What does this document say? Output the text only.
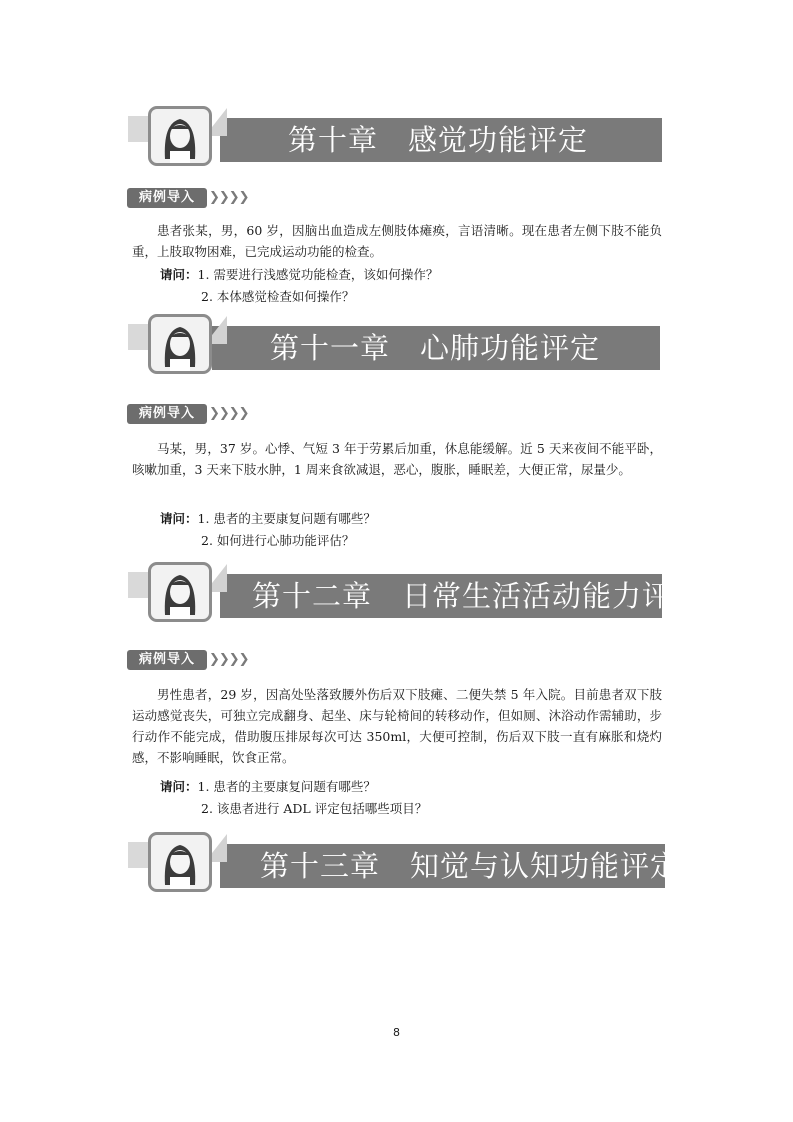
第十章 感觉功能评定
病例导入	❯❯❯❯
患者张某，男，60 岁，因脑出血造成左侧肢体瘫痪，言语清晰。现在患者左侧下肢不能负重，上肢取物困难，已完成运动功能的检查。
请问：1. 需要进行浅感觉功能检查，该如何操作？
2. 本体感觉检查如何操作？
第十一章 心肺功能评定
病例导入	❯❯❯❯
马某，男，37 岁。心悸、气短 3 年于劳累后加重，休息能缓解。近 5 天来夜间不能平卧，咳嗽加重，3 天来下肢水肿，1 周来食欲减退，恶心，腹胀，睡眠差，大便正常，尿量少。
请问：1. 患者的主要康复问题有哪些？
2. 如何进行心肺功能评估？
第十二章 日常生活活动能力评定
病例导入	❯❯❯❯
男性患者，29 岁，因高处坠落致腰外伤后双下肢瘫、二便失禁 5 年入院。目前患者双下肢运动感觉丧失，可独立完成翻身、起坐、床与轮椅间的转移动作，但如厕、沐浴动作需辅助，步行动作不能完成，借助腹压排尿每次可达 350ml，大便可控制，伤后双下肢一直有麻胀和烧灼感，不影响睡眠，饮食正常。
请问：1. 患者的主要康复问题有哪些？
2. 该患者进行 ADL 评定包括哪些项目？
第十三章 知觉与认知功能评定
8
